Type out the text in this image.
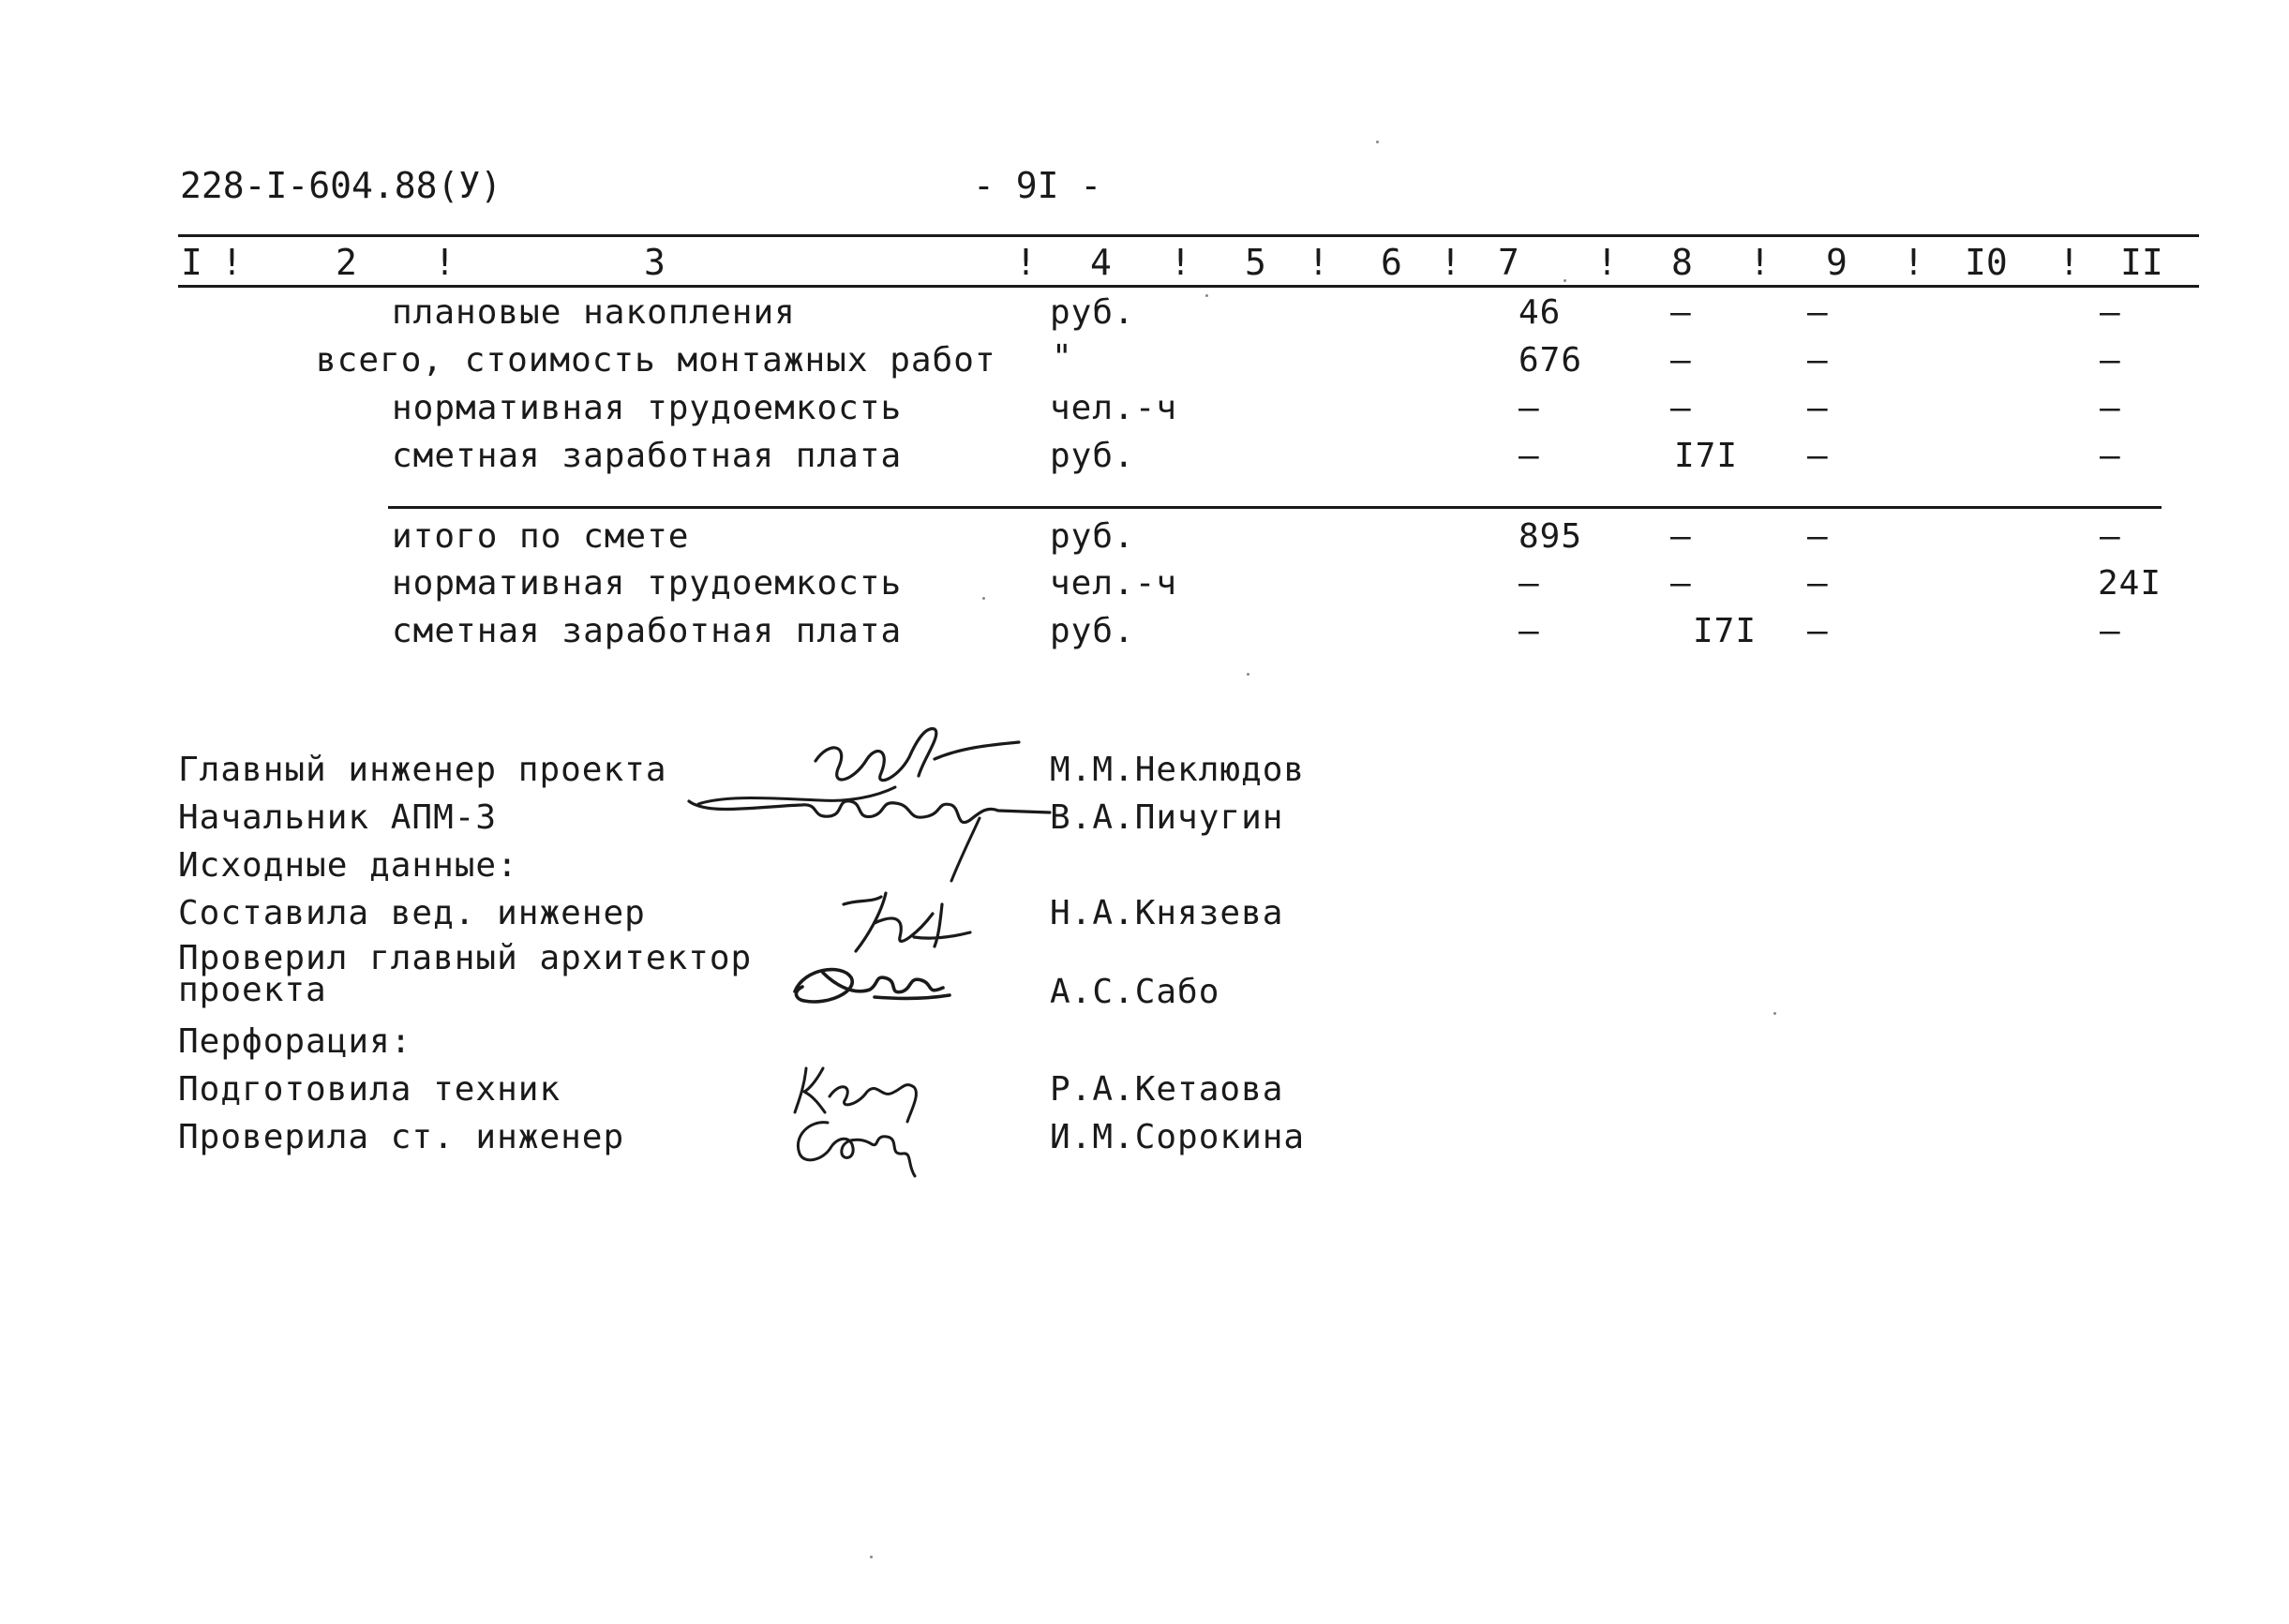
228-I-604.88(У)	- 9I -
I !	2 !	3	! 4 ! 5 ! 6 ! 7 ! 8 ! 9 ! I0 ! II
плановые накопления	руб.	46	–	–	–
всего, стоимость монтажных работ "	676	–	–	–
нормативная трудоемкость	чел.-ч	–	–	–	–
сметная заработная плата	руб.	–	I7I –	–
итого по смете	руб.	895	–	–	–
нормативная трудоемкость	чел.-ч	–	–	–	24I
сметная заработная плата	руб.	–	I7I –	–
Главный инженер проекта	М.М.Неклюдов
Начальник АПМ-3	В.А.Пичугин
Исходные данные:
Составила вед. инженер	Н.А.Князева
Проверил главный архитектор
проекта	А.С.Сабо
Перфорация:
Подготовила техник	Р.А.Кетаова
Проверила ст. инженер	И.М.Сорокина
